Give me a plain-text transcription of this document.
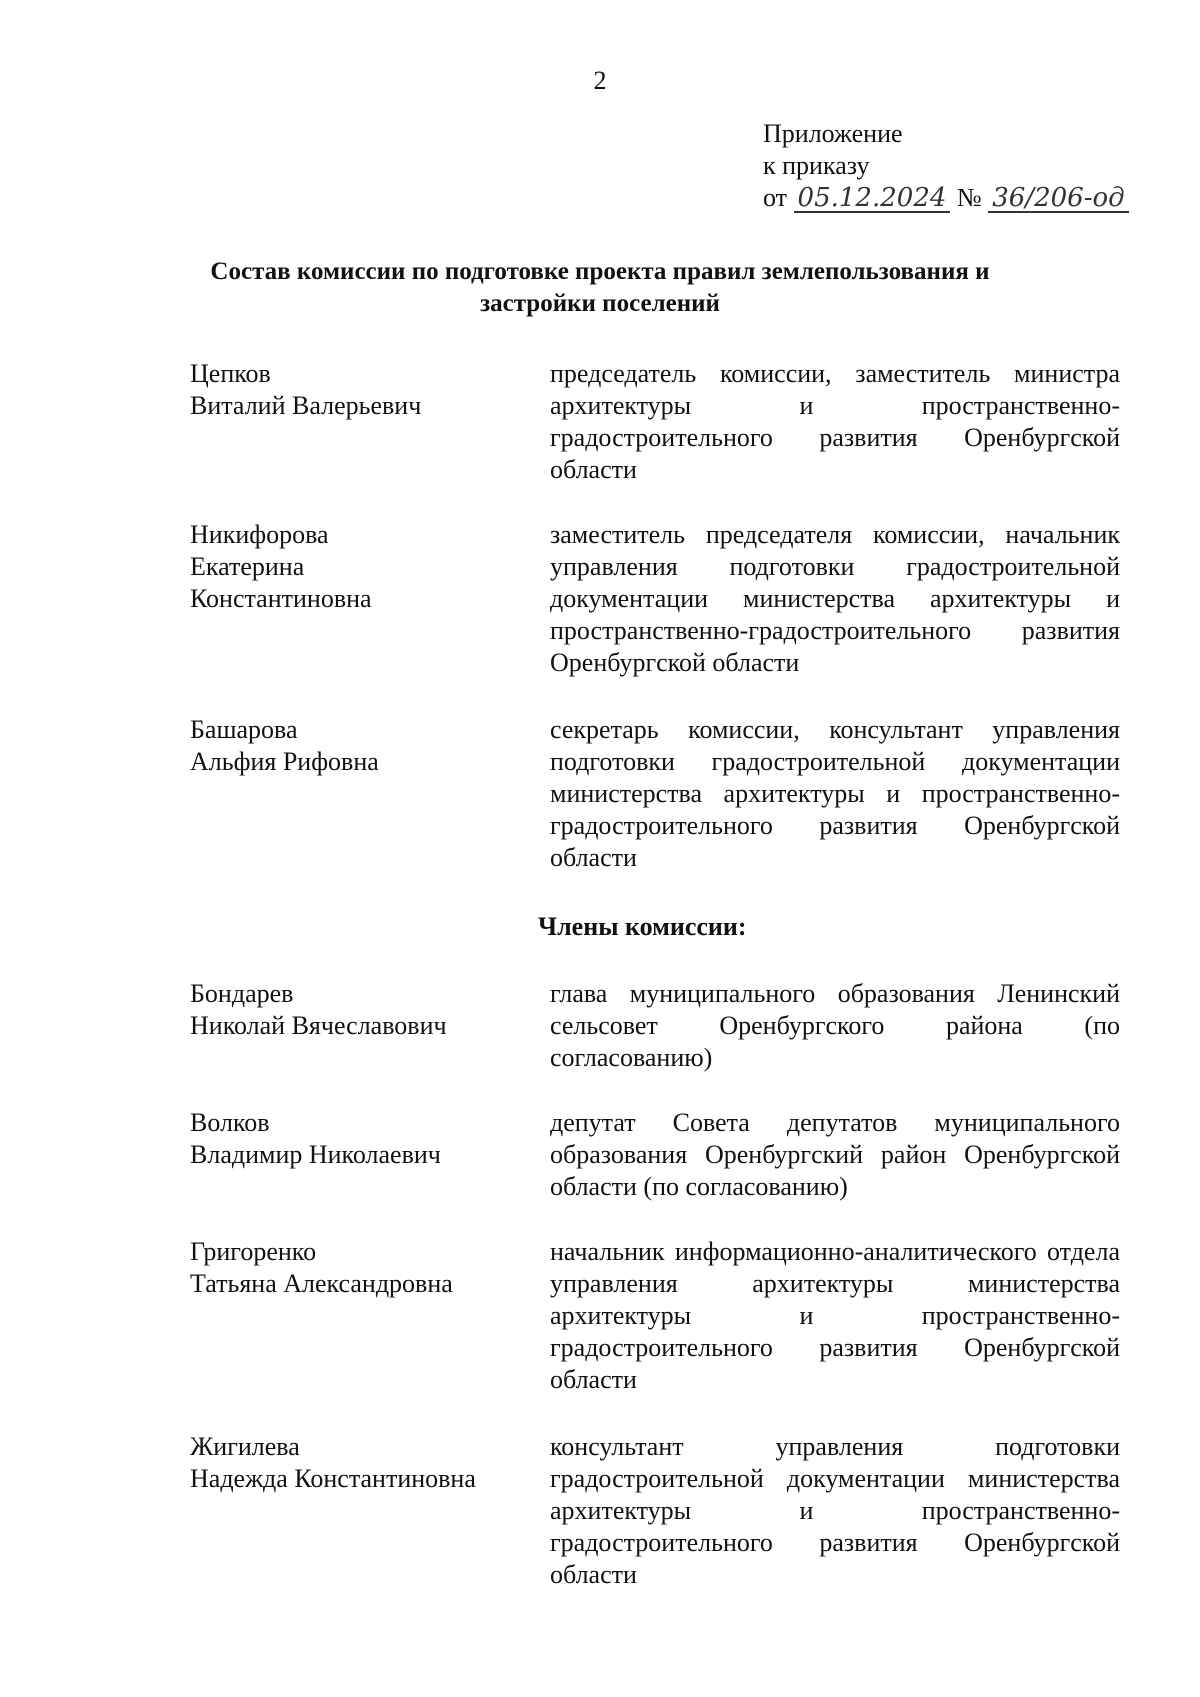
2
Приложение
к приказу
от 05.12.2024 № 36/206-од
Состав комиссии по подготовке проекта правил землепользования и застройки поселений
Цепков
Виталий Валерьевич
председатель комиссии, заместитель министра архитектуры и пространственно-градостроительного развития Оренбургской области
Никифорова
Екатерина
Константиновна
заместитель председателя комиссии, начальник управления подготовки градостроительной документации министерства архитектуры и пространственно-градостроительного развития Оренбургской области
Башарова
Альфия Рифовна
секретарь комиссии, консультант управления подготовки градостроительной документации министерства архитектуры и пространственно-градостроительного развития Оренбургской области
Члены комиссии:
Бондарев
Николай Вячеславович
глава муниципального образования Ленинский сельсовет Оренбургского района (по согласованию)
Волков
Владимир Николаевич
депутат Совета депутатов муниципального образования Оренбургский район Оренбургской области (по согласованию)
Григоренко
Татьяна Александровна
начальник информационно-аналитического отдела управления архитектуры министерства архитектуры и пространственно-градостроительного развития Оренбургской области
Жигилева
Надежда Константиновна
консультант управления подготовки градостроительной документации министерства архитектуры и пространственно-градостроительного развития Оренбургской области
